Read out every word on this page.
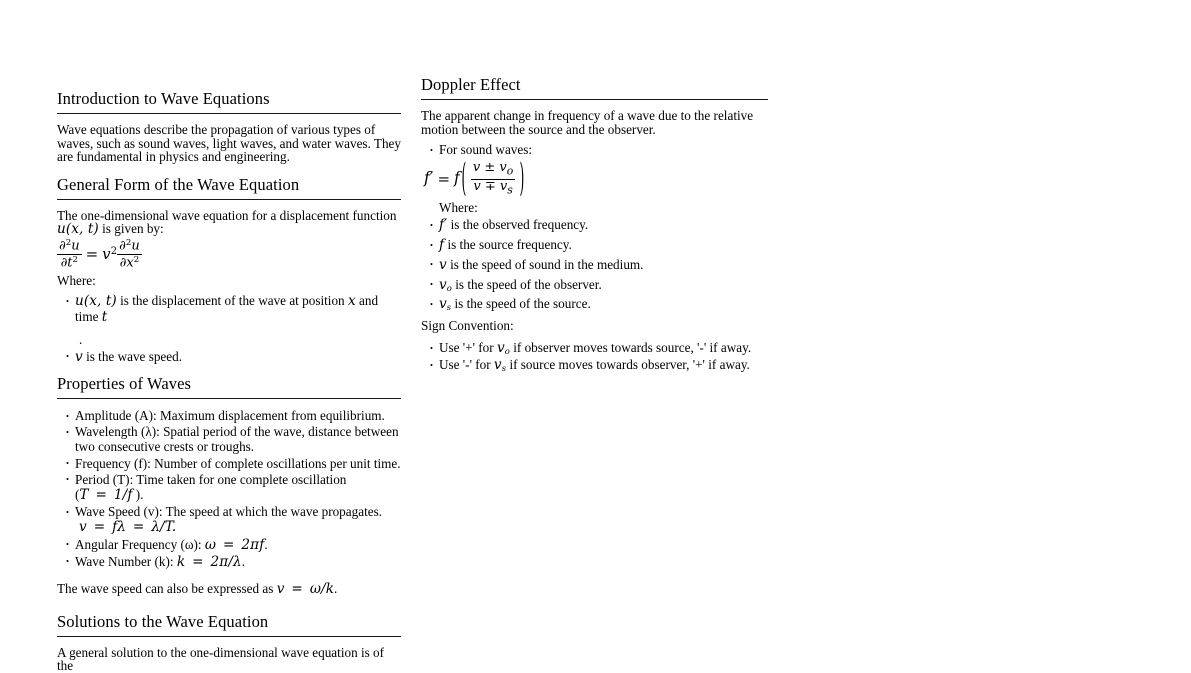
Introduction to Wave Equations

Wave equations describe the propagation of various types of waves, such as sound waves, light waves, and water waves. They are fundamental in physics and engineering.

General Form of the Wave Equation

The one-dimensional wave equation for a displacement function u(x, t) is given by:

$\frac{\partial^2u}{\partial t^2} = v^2 \frac{\partial^2u}{\partial x^2}$

Where:

• u(x, t) is the displacement of the wave at position x and time t

.

• v is the wave speed.
Properties of Waves
• Amplitude (A): Maximum displacement from equilibrium.
• Wavelength (λ): Spatial period of the wave, distance between two consecutive crests or troughs.
• Frequency (f): Number of complete oscillations per unit time.
• Period (T): Time taken for one complete oscillation (T = 1/f ).
• Wave Speed (v): The speed at which the wave propagates.
v = fλ = λ/T.
• Angular Frequency (ω): ω = 2πf.
• Wave Number (k): k = 2π/λ.

The wave speed can also be expressed as v = ω/k.

Solutions to the Wave Equation

A general solution to the one-dimensional wave equation is of the

Doppler Effect

The apparent change in frequency of a wave due to the relative motion between the source and the observer.

• For sound waves:
f′ = f ( $\frac{v \pm v_o}{v \mp v_s}$
)

Where:

• f′ is the observed frequency.
• f is the source frequency.
• v is the speed of sound in the medium.
• $v_o$ is the speed of the observer.
• $v_s$ is the speed of the source.

Sign Convention:

• Use '+' for $v_o$ if observer moves towards source, '-' if away.
• Use '-' for $v_s$ if source moves towards observer, '+' if away.
